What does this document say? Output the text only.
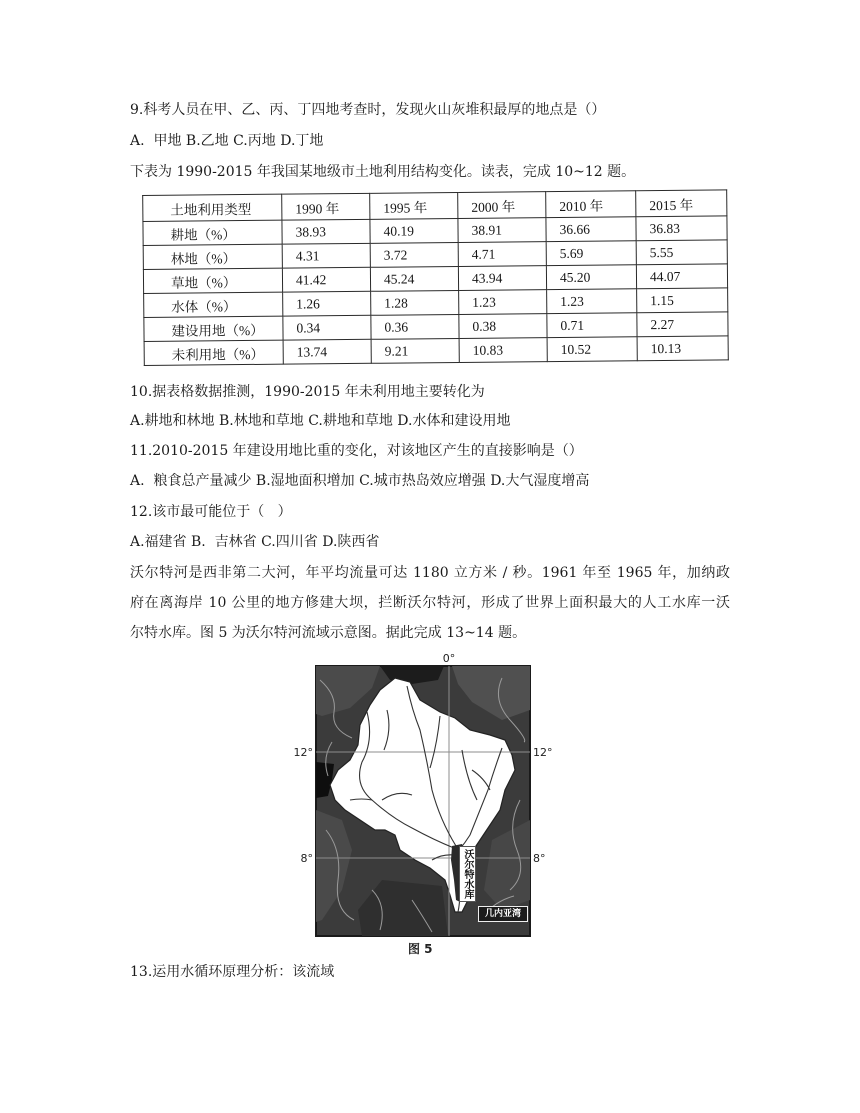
9.科考人员在甲、乙、丙、丁四地考查时，发现火山灰堆积最厚的地点是（）
A.  甲地 B.乙地 C.丙地 D.丁地
下表为 1990-2015 年我国某地级市土地利用结构变化。读表，完成 10~12 题。
土地利用类型	1990 年	1995 年	2000 年	2010 年	2015 年
耕地（%）	38.93	40.19	38.91	36.66	36.83
林地（%）	4.31	3.72	4.71	5.69	5.55
草地（%）	41.42	45.24	43.94	45.20	44.07
水体（%）	1.26	1.28	1.23	1.23	1.15
建设用地（%）	0.34	0.36	0.38	0.71	2.27
未利用地（%）	13.74	9.21	10.83	10.52	10.13
10.据表格数据推测，1990-2015 年未利用地主要转化为
A.耕地和林地 B.林地和草地 C.耕地和草地 D.水体和建设用地
11.2010-2015 年建设用地比重的变化，对该地区产生的直接影响是（）
A.  粮食总产量减少 B.湿地面积增加 C.城市热岛效应增强 D.大气湿度增高
12.该市最可能位于（   ）
A.福建省 B.  吉林省 C.四川省 D.陕西省
沃尔特河是西非第二大河，年平均流量可达 1180 立方米 / 秒。1961 年至 1965 年，加纳政
府在离海岸 10 公里的地方修建大坝，拦断沃尔特河，形成了世界上面积最大的人工水库一沃
尔特水库。图 5 为沃尔特河流域示意图。据此完成 13~14 题。
0°
12°	12°
8°	8°
沃尔特水库
几内亚湾
图 5
13.运用水循环原理分析：该流域
